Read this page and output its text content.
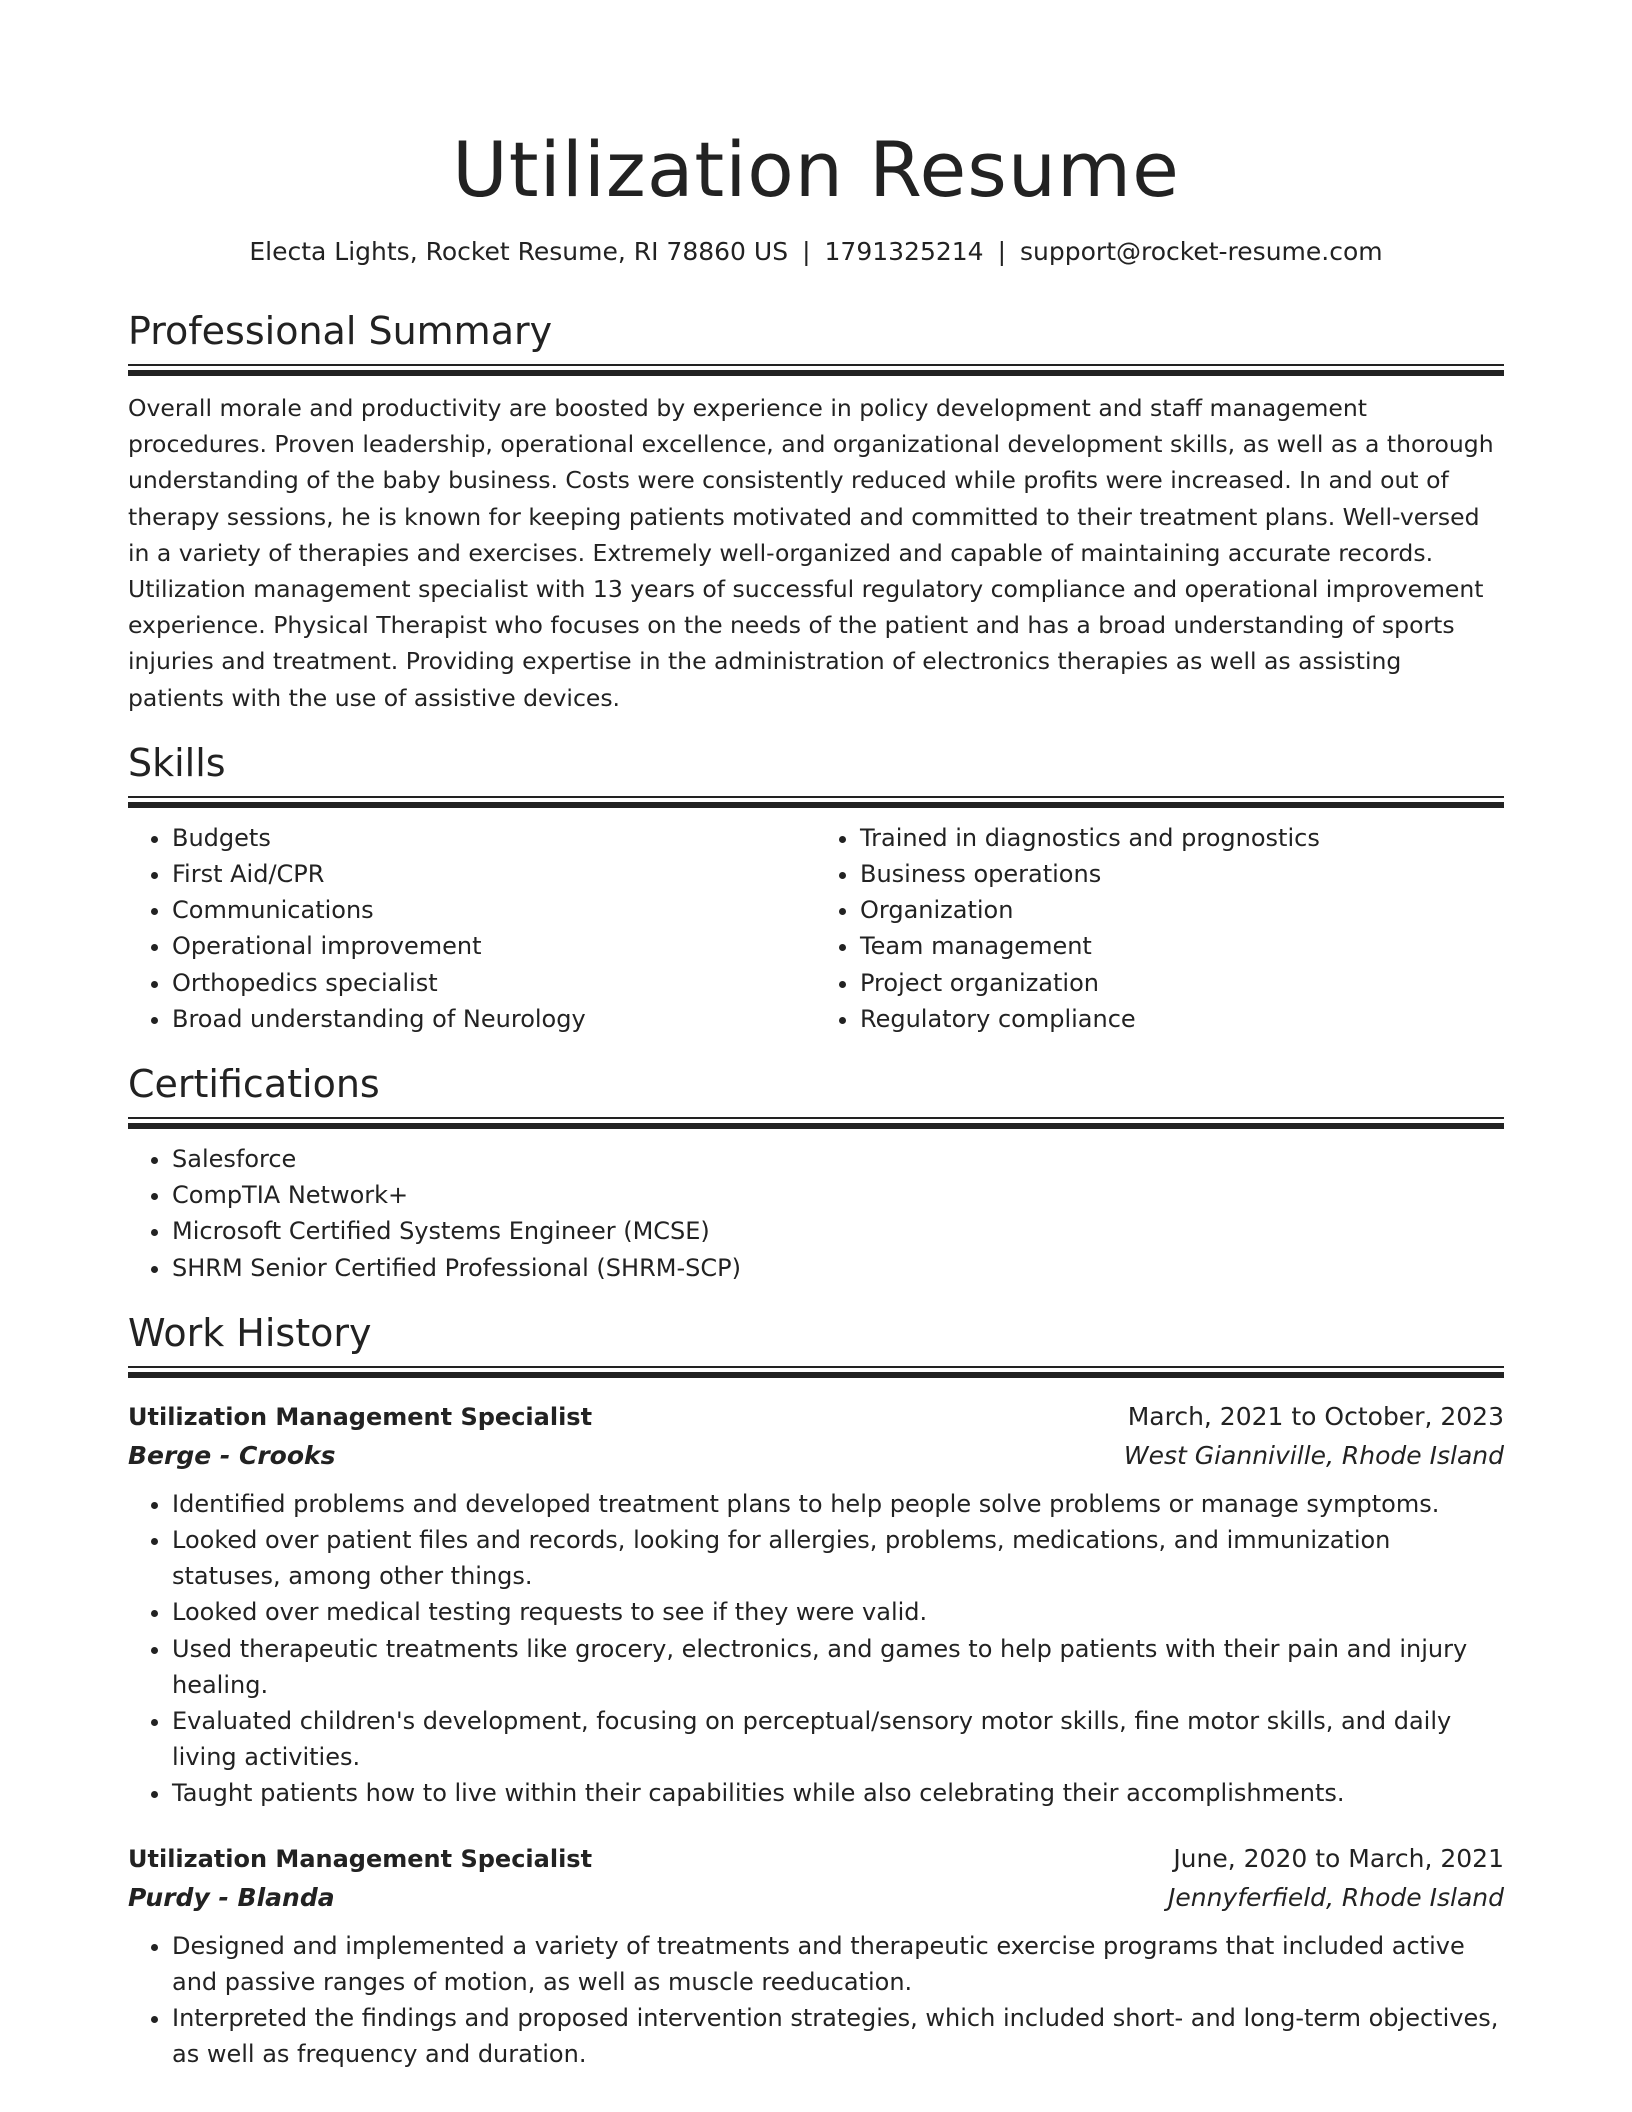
Utilization Resume
Electa Lights, Rocket Resume, RI 78860 US | 1791325214 | support@rocket-resume.com
Professional Summary

Overall morale and productivity are boosted by experience in policy development and staff management procedures. Proven leadership, operational excellence, and organizational development skills, as well as a thorough understanding of the baby business. Costs were consistently reduced while profits were increased. In and out of therapy sessions, he is known for keeping patients motivated and committed to their treatment plans. Well-versed in a variety of therapies and exercises. Extremely well-organized and capable of maintaining accurate records. Utilization management specialist with 13 years of successful regulatory compliance and operational improvement experience. Physical Therapist who focuses on the needs of the patient and has a broad understanding of sports injuries and treatment. Providing expertise in the administration of electronics therapies as well as assisting patients with the use of assistive devices.

Skills
• Budgets
• First Aid/CPR
• Communications
• Operational improvement
• Orthopedics specialist
• Broad understanding of Neurology
• Trained in diagnostics and prognostics
• Business operations
• Organization
• Team management
• Project organization
• Regulatory compliance
Certifications
• Salesforce
• CompTIA Network+
• Microsoft Certified Systems Engineer (MCSE)
• SHRM Senior Certified Professional (SHRM-SCP)
Work History
Utilization Management Specialist	March, 2021 to October, 2023
Berge - Crooks	West Gianniville, Rhode Island
• Identified problems and developed treatment plans to help people solve problems or manage symptoms.
• Looked over patient files and records, looking for allergies, problems, medications, and immunization statuses, among other things.
• Looked over medical testing requests to see if they were valid.
• Used therapeutic treatments like grocery, electronics, and games to help patients with their pain and injury healing.
• Evaluated children's development, focusing on perceptual/sensory motor skills, fine motor skills, and daily living activities.
• Taught patients how to live within their capabilities while also celebrating their accomplishments.
Utilization Management Specialist	June, 2020 to March, 2021
Purdy - Blanda	Jennyferfield, Rhode Island
• Designed and implemented a variety of treatments and therapeutic exercise programs that included active and passive ranges of motion, as well as muscle reeducation.
• Interpreted the findings and proposed intervention strategies, which included short- and long-term objectives, as well as frequency and duration.
